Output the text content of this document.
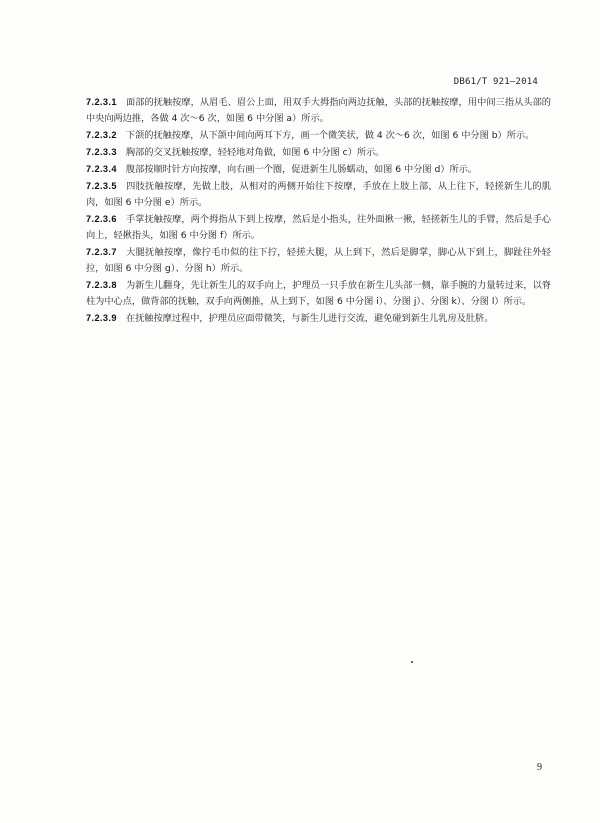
DB61/T 921—2014

7.2.3.1 面部的抚触按摩，从眉毛、眉公上面，用双手大拇指向两边抚触，头部的抚触按摩，用中间三指从头部的中央向两边推，各做 4 次～6 次，如图 6 中分图 a）所示。

7.2.3.2 下颌的抚触按摩，从下颌中间向两耳下方，画一个微笑状，做 4 次～6 次，如图 6 中分图 b）所示。

7.2.3.3 胸部的交叉抚触按摩，轻轻地对角做，如图 6 中分图 c）所示。

7.2.3.4 腹部按顺时针方向按摩，向右画一个圈，促进新生儿肠蠕动，如图 6 中分图 d）所示。

7.2.3.5 四肢抚触按摩，先做上肢，从相对的两侧开始往下按摩，手放在上肢上部，从上往下，轻搓新生儿的肌肉，如图 6 中分图 e）所示。

7.2.3.6 手掌抚触按摩，两个拇指从下到上按摩，然后是小指头，往外面揪一揪，轻搓新生儿的手臂，然后是手心向上，轻揪指头，如图 6 中分图 f）所示。

7.2.3.7 大腿抚触按摩，像拧毛巾似的往下拧，轻搓大腿，从上到下，然后是脚掌，脚心从下到上，脚趾往外轻拉，如图 6 中分图 g）、分图 h）所示。

7.2.3.8 为新生儿翻身，先让新生儿的双手向上，护理员一只手放在新生儿头部一侧，靠手腕的力量转过来，以脊柱为中心点，做背部的抚触，双手向两侧推，从上到下，如图 6 中分图 i）、分图 j）、分图 k）、分图 l）所示。

7.2.3.9 在抚触按摩过程中，护理员应面带微笑，与新生儿进行交流，避免碰到新生儿乳房及肚脐。

9
